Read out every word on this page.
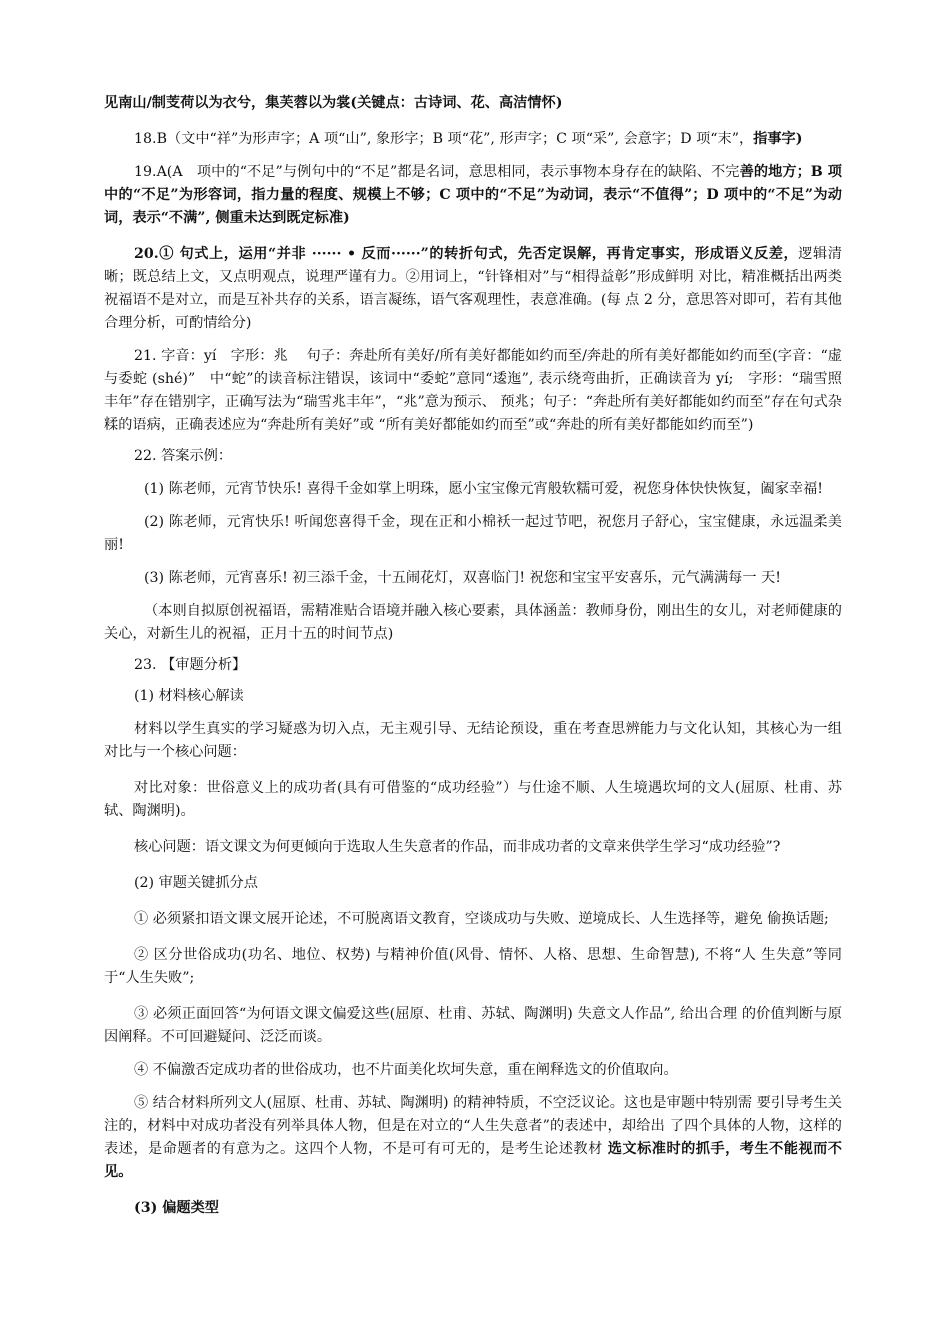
见南山/制芰荷以为衣兮，集芙蓉以为裳(关键点：古诗词、花、高洁情怀)

18.B（文中“祥”为形声字；A 项“山”, 象形字；B 项“花”, 形声字；C 项“采”, 会意字；D 项“末”，指事字)

19.A(A　项中的“不足”与例句中的“不足”都是名词，意思相同，表示事物本身存在的缺陷、不完善的地方；B 项中的“不足”为形容词，指力量的程度、规模上不够；C 项中的“不足”为动词，表示“不值得”；D 项中的“不足”为动词，表示“不满”, 侧重未达到既定标准)

20.① 句式上，运用“并非 ······ • 反而······”的转折句式，先否定误解，再肯定事实，形成语义反差，逻辑清晰；既总结上文，又点明观点，说理严谨有力。②用词上，“针锋相对”与“相得益彰”形成鲜明 对比，精准概括出两类祝福语不是对立，而是互补共存的关系，语言凝练，语气客观理性，表意准确。(每 点 2 分，意思答对即可，若有其他合理分析，可酌情给分)

21. 字音：yí　字形：兆　 句子：奔赴所有美好/所有美好都能如约而至/奔赴的所有美好都能如约而至(字音：“虚与委蛇 (shé)”　中“蛇”的读音标注错误，该词中“委蛇”意同“逶迤”, 表示绕弯曲折，正确读音为 yí;　字形：“瑞雪照丰年”存在错别字，正确写法为“瑞雪兆丰年”，“兆”意为预示、 预兆；句子：“奔赴所有美好都能如约而至”存在句式杂糅的语病，正确表述应为“奔赴所有美好”或 “所有美好都能如约而至”或“奔赴的所有美好都能如约而至”)

22. 答案示例：

(1) 陈老师，元宵节快乐! 喜得千金如掌上明珠，愿小宝宝像元宵般软糯可爱，祝您身体快快恢复，阖家幸福!

(2) 陈老师，元宵快乐! 听闻您喜得千金，现在正和小棉袄一起过节吧，祝您月子舒心，宝宝健康，永远温柔美丽!

(3) 陈老师，元宵喜乐! 初三添千金，十五闹花灯，双喜临门! 祝您和宝宝平安喜乐，元气满满每一 天!

（本则自拟原创祝福语，需精准贴合语境并融入核心要素，具体涵盖：教师身份，刚出生的女儿，对老师健康的关心，对新生儿的祝福，正月十五的时间节点)

23. 【审题分析】

(1) 材料核心解读

材料以学生真实的学习疑惑为切入点，无主观引导、无结论预设，重在考查思辨能力与文化认知，其核心为一组对比与一个核心问题：

对比对象：世俗意义上的成功者(具有可借鉴的“成功经验”）与仕途不顺、人生境遇坎坷的文人(屈原、杜甫、苏轼、陶渊明)。

核心问题：语文课文为何更倾向于选取人生失意者的作品，而非成功者的文章来供学生学习“成功经验”?

(2) 审题关键抓分点

① 必须紧扣语文课文展开论述，不可脱离语文教育，空谈成功与失败、逆境成长、人生选择等，避免 偷换话题;

② 区分世俗成功(功名、地位、权势) 与精神价值(风骨、情怀、人格、思想、生命智慧), 不将“人 生失意”等同于“人生失败”;

③ 必须正面回答“为何语文课文偏爱这些(屈原、杜甫、苏轼、陶渊明) 失意文人作品”, 给出合理 的价值判断与原因阐释。不可回避疑问、泛泛而谈。

④ 不偏激否定成功者的世俗成功，也不片面美化坎坷失意，重在阐释选文的价值取向。

⑤ 结合材料所列文人(屈原、杜甫、苏轼、陶渊明) 的精神特质，不空泛议论。这也是审题中特别需 要引导考生关注的，材料中对成功者没有列举具体人物，但是在对立的“人生失意者”的表述中，却给出 了四个具体的人物，这样的表述，是命题者的有意为之。这四个人物，不是可有可无的，是考生论述教材 选文标准时的抓手，考生不能视而不见。

(3) 偏题类型
